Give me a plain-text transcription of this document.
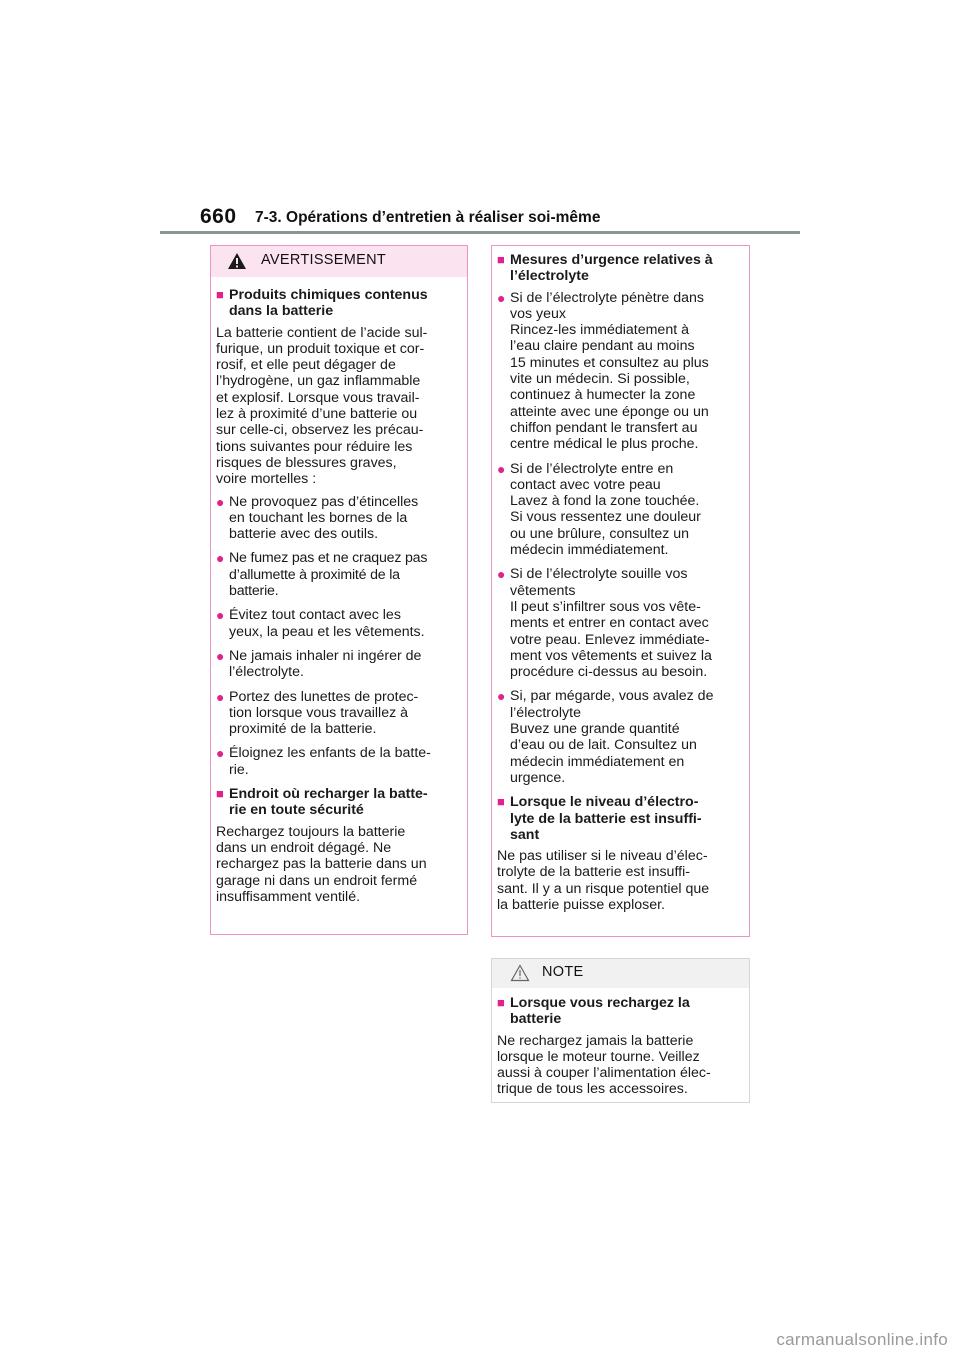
660 7-3. Opérations d’entretien à réaliser soi-même
AVERTISSEMENT
■ Produits chimiques contenus
dans la batterie
La batterie contient de l’acide sul-
furique, un produit toxique et cor-
rosif, et elle peut dégager de
l’hydrogène, un gaz inflammable
et explosif. Lorsque vous travail-
lez à proximité d’une batterie ou
sur celle-ci, observez les précau-
tions suivantes pour réduire les
risques de blessures graves,
voire mortelles :
● Ne provoquez pas d’étincelles
en touchant les bornes de la
batterie avec des outils.
● Ne fumez pas et ne craquez pas
d’allumette à proximité de la
batterie.
● Évitez tout contact avec les
yeux, la peau et les vêtements.
● Ne jamais inhaler ni ingérer de
l’électrolyte.
● Portez des lunettes de protec-
tion lorsque vous travaillez à
proximité de la batterie.
● Éloignez les enfants de la batte-
rie.
■ Endroit où recharger la batte-
rie en toute sécurité
Rechargez toujours la batterie
dans un endroit dégagé. Ne
rechargez pas la batterie dans un
garage ni dans un endroit fermé
insuffisamment ventilé.
■ Mesures d’urgence relatives à
l’électrolyte
● Si de l’électrolyte pénètre dans
vos yeux
Rincez-les immédiatement à
l’eau claire pendant au moins
15 minutes et consultez au plus
vite un médecin. Si possible,
continuez à humecter la zone
atteinte avec une éponge ou un
chiffon pendant le transfert au
centre médical le plus proche.
● Si de l’électrolyte entre en
contact avec votre peau
Lavez à fond la zone touchée.
Si vous ressentez une douleur
ou une brûlure, consultez un
médecin immédiatement.
● Si de l’électrolyte souille vos
vêtements
Il peut s’infiltrer sous vos vête-
ments et entrer en contact avec
votre peau. Enlevez immédiate-
ment vos vêtements et suivez la
procédure ci-dessus au besoin.
● Si, par mégarde, vous avalez de
l’électrolyte
Buvez une grande quantité
d’eau ou de lait. Consultez un
médecin immédiatement en
urgence.
■ Lorsque le niveau d’électro-
lyte de la batterie est insuffi-
sant
Ne pas utiliser si le niveau d’élec-
trolyte de la batterie est insuffi-
sant. Il y a un risque potentiel que
la batterie puisse exploser.
NOTE
■ Lorsque vous rechargez la
batterie
Ne rechargez jamais la batterie
lorsque le moteur tourne. Veillez
aussi à couper l’alimentation élec-
trique de tous les accessoires.
carmanualsonline.info
